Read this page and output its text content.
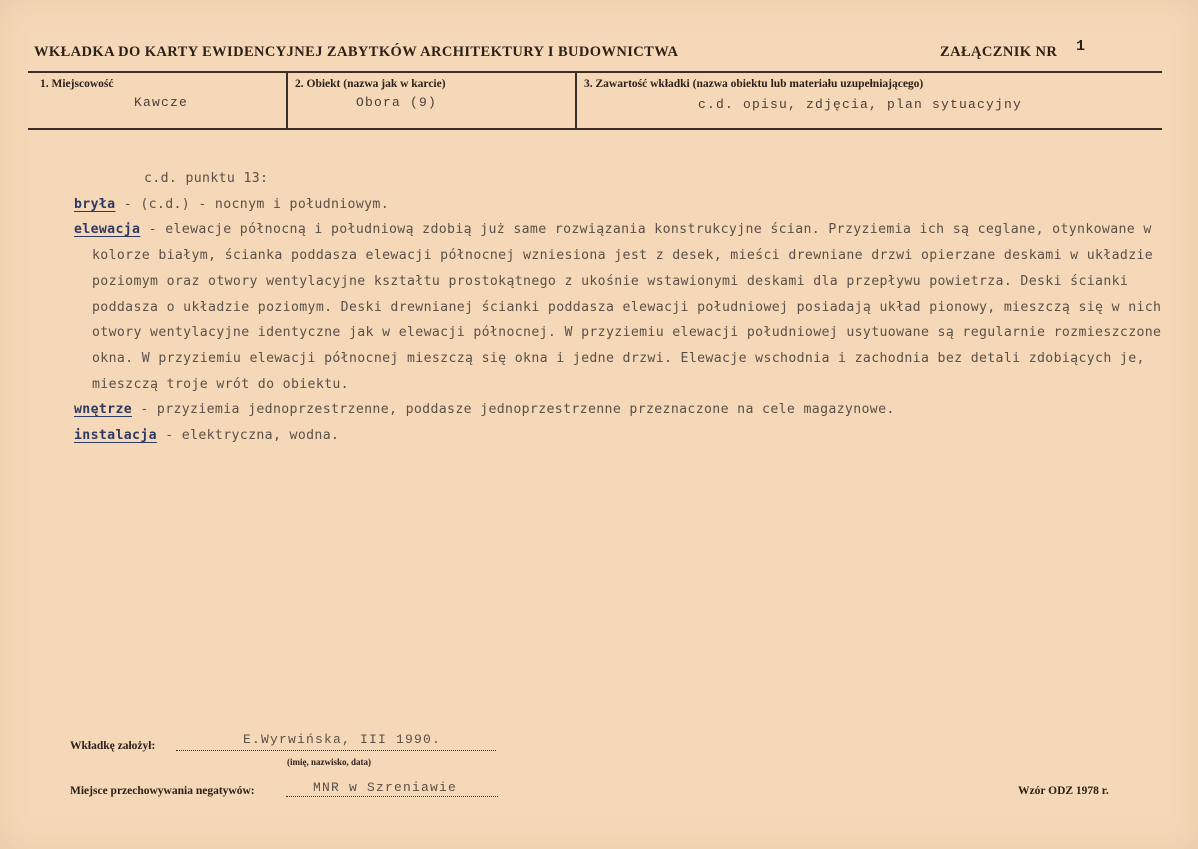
WKŁADKA DO KARTY EWIDENCYJNEJ ZABYTKÓW ARCHITEKTURY I BUDOWNICTWA	ZAŁĄCZNIK NR 1
1. Miejscowość
Kawcze
2. Obiekt (nazwa jak w karcie)
Obora (9)
3. Zawartość wkładki (nazwa obiektu lub materiału uzupełniającego)
c.d. opisu, zdjęcia, plan sytuacyjny

c.d. punktu 13:

bryła - (c.d.) - nocnym i południowym.

elewacja - elewacje północną i południową zdobią już same rozwiązania konstrukcyjne ścian. Przyziemia ich są ceglane, otynkowane w kolorze białym, ścianka poddasza elewacji północnej wzniesiona jest z desek, mieści drewniane drzwi opierzane deskami w układzie poziomym oraz otwory wentylacyjne kształtu prostokątnego z ukośnie wstawionymi deskami dla przepływu powietrza. Deski ścianki poddasza o układzie poziomym. Deski drewnianej ścianki poddasza elewacji południowej posiadają układ pionowy, mieszczą się w nich otwory wentylacyjne identyczne jak w elewacji północnej. W przyziemiu elewacji południowej usytuowane są regularnie rozmieszczone okna. W przyziemiu elewacji północnej mieszczą się okna i jedne drzwi. Elewacje wschodnia i zachodnia bez detali zdobiących je, mieszczą troje wrót do obiektu.

wnętrze - przyziemia jednoprzestrzenne, poddasze jednoprzestrzenne przeznaczone na cele magazynowe.

instalacja - elektryczna, wodna.

Wkładkę założył:	E.Wyrwińska, III 1990.
(imię, nazwisko, data)
Miejsce przechowywania negatywów:	MNR w Szreniawie	Wzór ODZ 1978 r.
